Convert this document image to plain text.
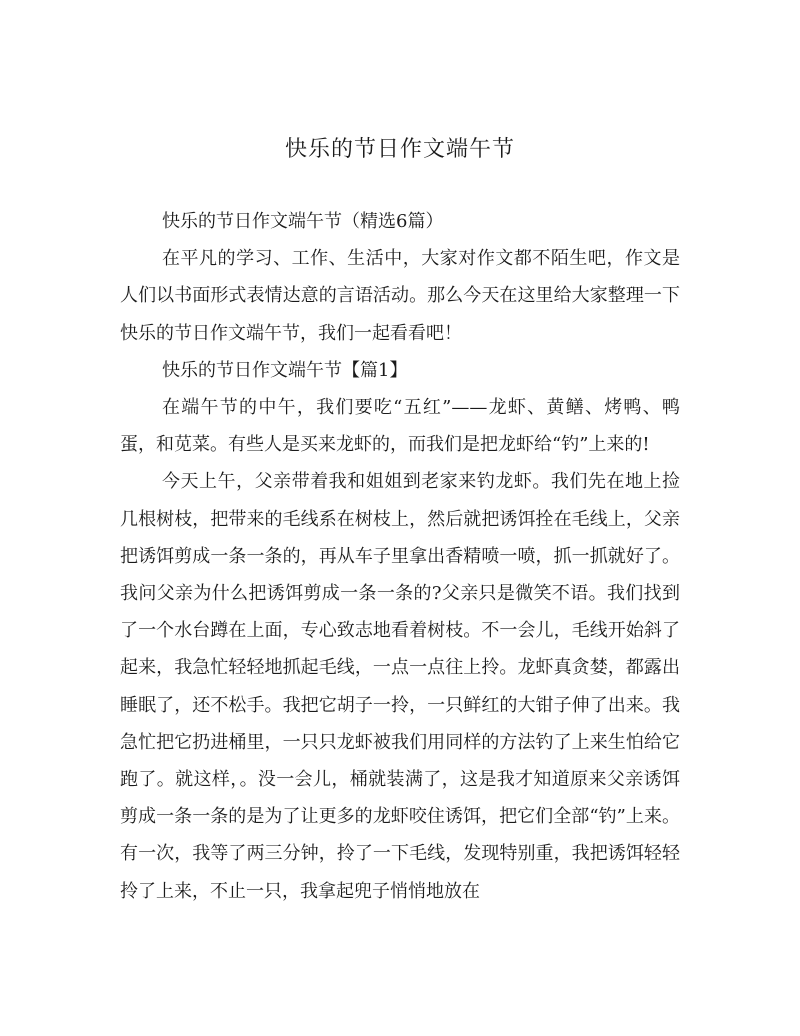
快乐的节日作文端午节

快乐的节日作文端午节（精选6篇）

在平凡的学习、工作、生活中，大家对作文都不陌生吧，作文是人们以书面形式表情达意的言语活动。那么今天在这里给大家整理一下快乐的节日作文端午节，我们一起看看吧！

快乐的节日作文端午节【篇1】

在端午节的中午，我们要吃“五红”——龙虾、黄鳝、烤鸭、鸭蛋，和苋菜。有些人是买来龙虾的，而我们是把龙虾给“钓”上来的!

今天上午，父亲带着我和姐姐到老家来钓龙虾。我们先在地上捡几根树枝，把带来的毛线系在树枝上，然后就把诱饵拴在毛线上，父亲把诱饵剪成一条一条的，再从车子里拿出香精喷一喷，抓一抓就好了。我问父亲为什么把诱饵剪成一条一条的?父亲只是微笑不语。我们找到了一个水台蹲在上面，专心致志地看着树枝。不一会儿，毛线开始斜了起来，我急忙轻轻地抓起毛线，一点一点往上拎。龙虾真贪婪，都露出睡眠了，还不松手。我把它胡子一拎，一只鲜红的大钳子伸了出来。我急忙把它扔进桶里，一只只龙虾被我们用同样的方法钓了上来生怕给它跑了。就这样，。没一会儿，桶就装满了，这是我才知道原来父亲诱饵剪成一条一条的是为了让更多的龙虾咬住诱饵，把它们全部“钓”上来。有一次，我等了两三分钟，拎了一下毛线，发现特别重，我把诱饵轻轻拎了上来，不止一只，我拿起兜子悄悄地放在
